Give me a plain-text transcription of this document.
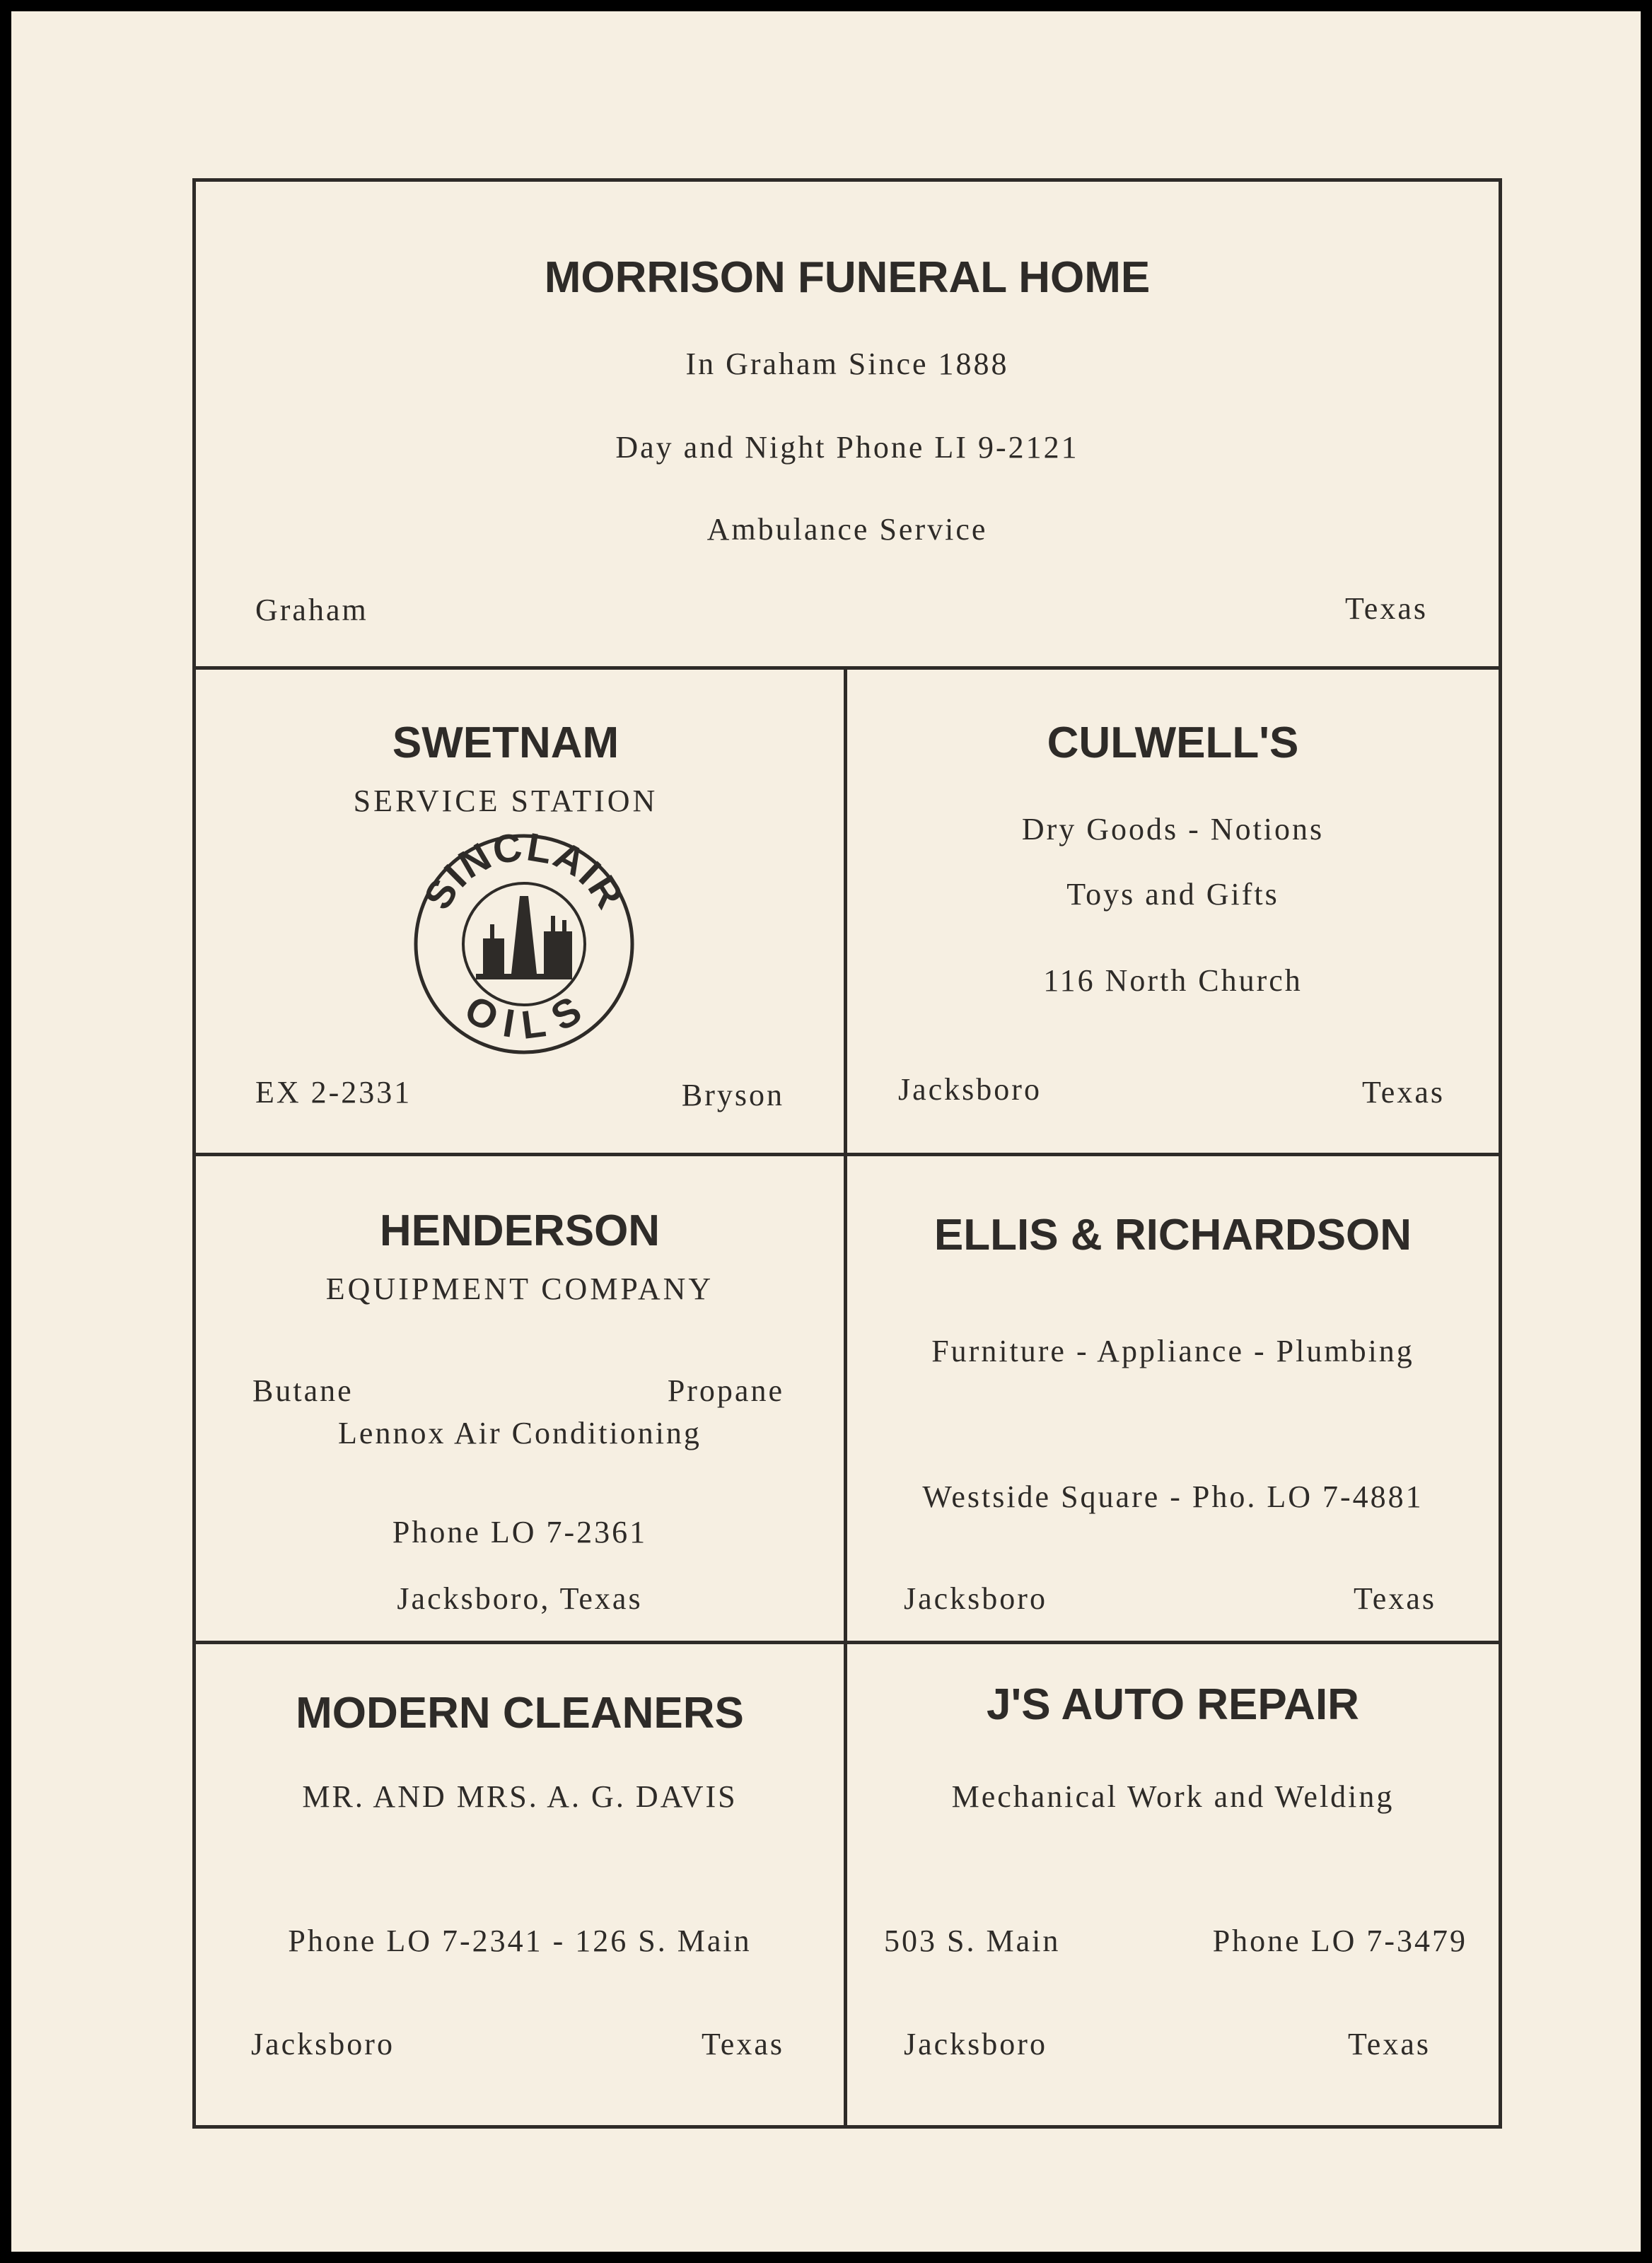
MORRISON FUNERAL HOME
In Graham Since 1888
Day and Night Phone LI 9-2121
Ambulance Service
Graham	Texas
SWETNAM
SERVICE STATION
SINCLAIR
OILS
EX 2-2331	Bryson
CULWELL'S
Dry Goods - Notions
Toys and Gifts
116 North Church
Jacksboro	Texas
HENDERSON
EQUIPMENT COMPANY
Butane	Propane
Lennox Air Conditioning
Phone LO 7-2361
Jacksboro, Texas
ELLIS & RICHARDSON
Furniture - Appliance - Plumbing
Westside Square - Pho. LO 7-4881
Jacksboro	Texas
MODERN CLEANERS
MR. AND MRS. A. G. DAVIS
Phone LO 7-2341 - 126 S. Main
Jacksboro	Texas
J'S AUTO REPAIR
Mechanical Work and Welding
503 S. Main	Phone LO 7-3479
Jacksboro	Texas
